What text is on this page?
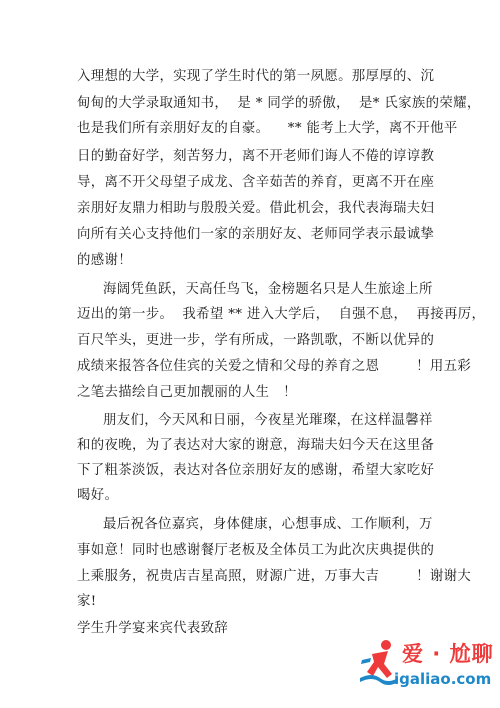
入理想的大学，实现了学生时代的第一夙愿。那厚厚的、沉
甸甸的大学录取通知书，  是 * 同学的骄傲，  是* 氏家族的荣耀，
也是我们所有亲朋好友的自豪。    ** 能考上大学，离不开他平
日的勤奋好学，刻苦努力，离不开老师们诲人不倦的谆谆教
导，离不开父母望子成龙、含辛茹苦的养育，更离不开在座
亲朋好友鼎力相助与殷殷关爱。借此机会，我代表海瑞夫妇
向所有关心支持他们一家的亲朋好友、老师同学表示最诚挚
的感谢！
海阔凭鱼跃，天高任鸟飞，金榜题名只是人生旅途上所
迈出的第一步。  我希望 ** 进入大学后，  自强不息，  再接再厉，
百尺竿头，更进一步，学有所成，一路凯歌，不断以优异的
成绩来报答各位佳宾的关爱之情和父母的养育之恩        ！用五彩
之笔去描绘自己更加靓丽的人生   ！
朋友们，今天风和日丽，今夜星光璀璨，在这样温馨祥
和的夜晚，为了表达对大家的谢意，海瑞夫妇今天在这里备
下了粗茶淡饭，表达对各位亲朋好友的感谢，希望大家吃好
喝好。
最后祝各位嘉宾，身体健康，心想事成、工作顺利，万
事如意！同时也感谢餐厅老板及全体员工为此次庆典提供的
上乘服务，祝贵店吉星高照，财源广进，万事大吉        ！谢谢大
家!
学生升学宴来宾代表致辞
爱 · 尬聊
igaliao.com
